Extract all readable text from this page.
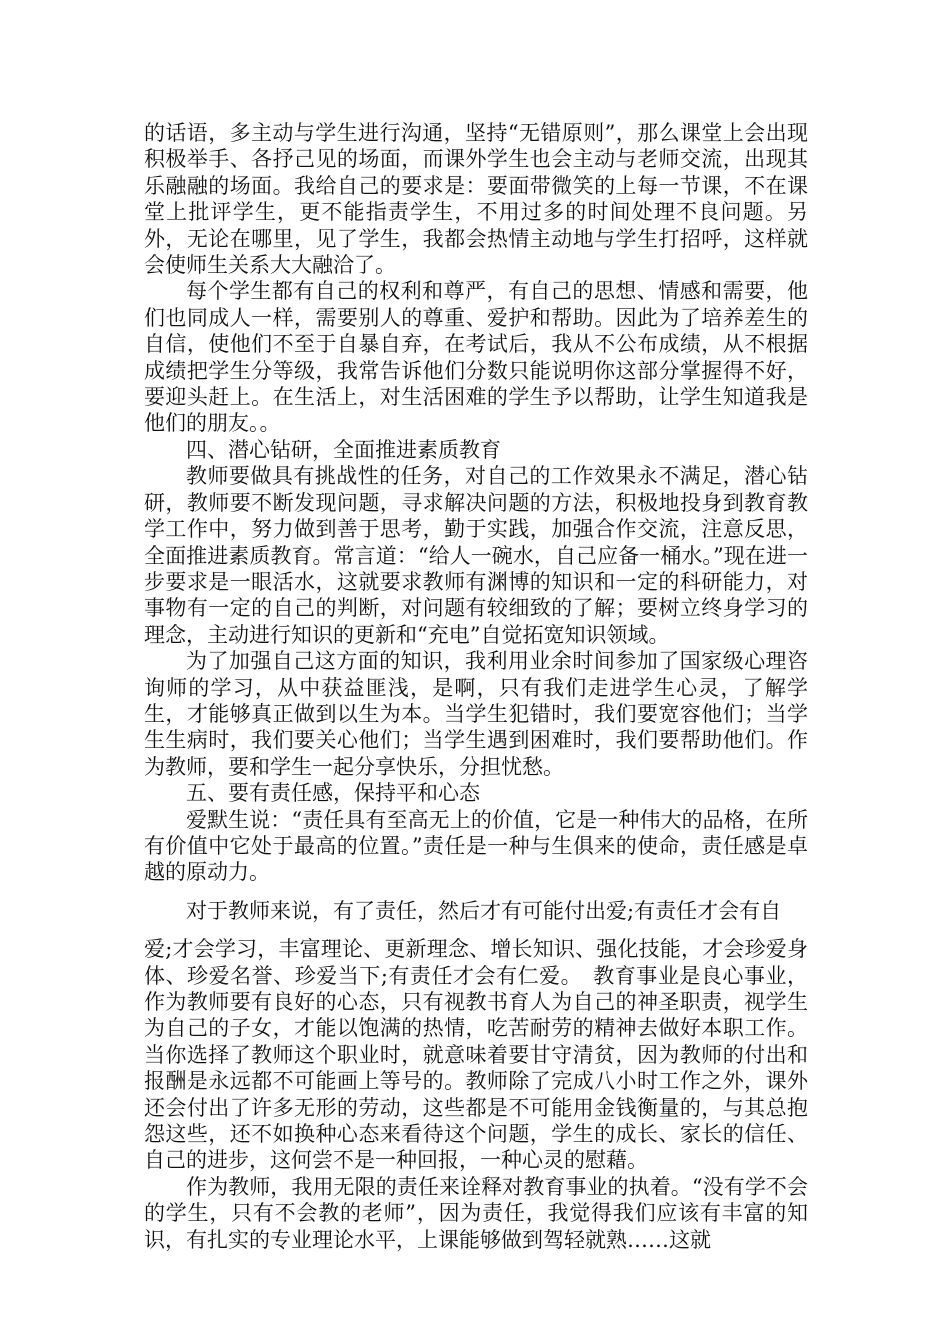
的话语，多主动与学生进行沟通，坚持“无错原则”，那么课堂上会出现积极举手、各抒己见的场面，而课外学生也会主动与老师交流，出现其乐融融的场面。我给自己的要求是：要面带微笑的上每一节课，不在课堂上批评学生，更不能指责学生，不用过多的时间处理不良问题。另外，无论在哪里，见了学生，我都会热情主动地与学生打招呼，这样就会使师生关系大大融洽了。

每个学生都有自己的权利和尊严，有自己的思想、情感和需要，他们也同成人一样，需要别人的尊重、爱护和帮助。因此为了培养差生的自信，使他们不至于自暴自弃，在考试后，我从不公布成绩，从不根据成绩把学生分等级，我常告诉他们分数只能说明你这部分掌握得不好，要迎头赶上。在生活上，对生活困难的学生予以帮助，让学生知道我是他们的朋友。。

四、潜心钻研，全面推进素质教育

教师要做具有挑战性的任务，对自己的工作效果永不满足，潜心钻研，教师要不断发现问题，寻求解决问题的方法，积极地投身到教育教学工作中，努力做到善于思考，勤于实践，加强合作交流，注意反思，全面推进素质教育。常言道：“给人一碗水，自己应备一桶水。”现在进一步要求是一眼活水，这就要求教师有渊博的知识和一定的科研能力，对事物有一定的自己的判断，对问题有较细致的了解；要树立终身学习的理念，主动进行知识的更新和“充电”自觉拓宽知识领域。

为了加强自己这方面的知识，我利用业余时间参加了国家级心理咨询师的学习，从中获益匪浅，是啊，只有我们走进学生心灵，了解学生，才能够真正做到以生为本。当学生犯错时，我们要宽容他们；当学生生病时，我们要关心他们；当学生遇到困难时，我们要帮助他们。作为教师，要和学生一起分享快乐，分担忧愁。

五、要有责任感，保持平和心态

爱默生说：“责任具有至高无上的价值，它是一种伟大的品格，在所有价值中它处于最高的位置。”责任是一种与生俱来的使命，责任感是卓越的原动力。

对于教师来说，有了责任，然后才有可能付出爱;有责任才会有自

爱;才会学习，丰富理论、更新理念、增长知识、强化技能，才会珍爱身体、珍爱名誉、珍爱当下;有责任才会有仁爱。　教育事业是良心事业，作为教师要有良好的心态，只有视教书育人为自己的神圣职责，视学生为自己的子女，才能以饱满的热情，吃苦耐劳的精神去做好本职工作。当你选择了教师这个职业时，就意味着要甘守清贫，因为教师的付出和报酬是永远都不可能画上等号的。教师除了完成八小时工作之外，课外还会付出了许多无形的劳动，这些都是不可能用金钱衡量的，与其总抱怨这些，还不如换种心态来看待这个问题，学生的成长、家长的信任、自己的进步，这何尝不是一种回报，一种心灵的慰藉。

作为教师，我用无限的责任来诠释对教育事业的执着。“没有学不会的学生，只有不会教的老师”，因为责任，我觉得我们应该有丰富的知识，有扎实的专业理论水平，上课能够做到驾轻就熟……这就
